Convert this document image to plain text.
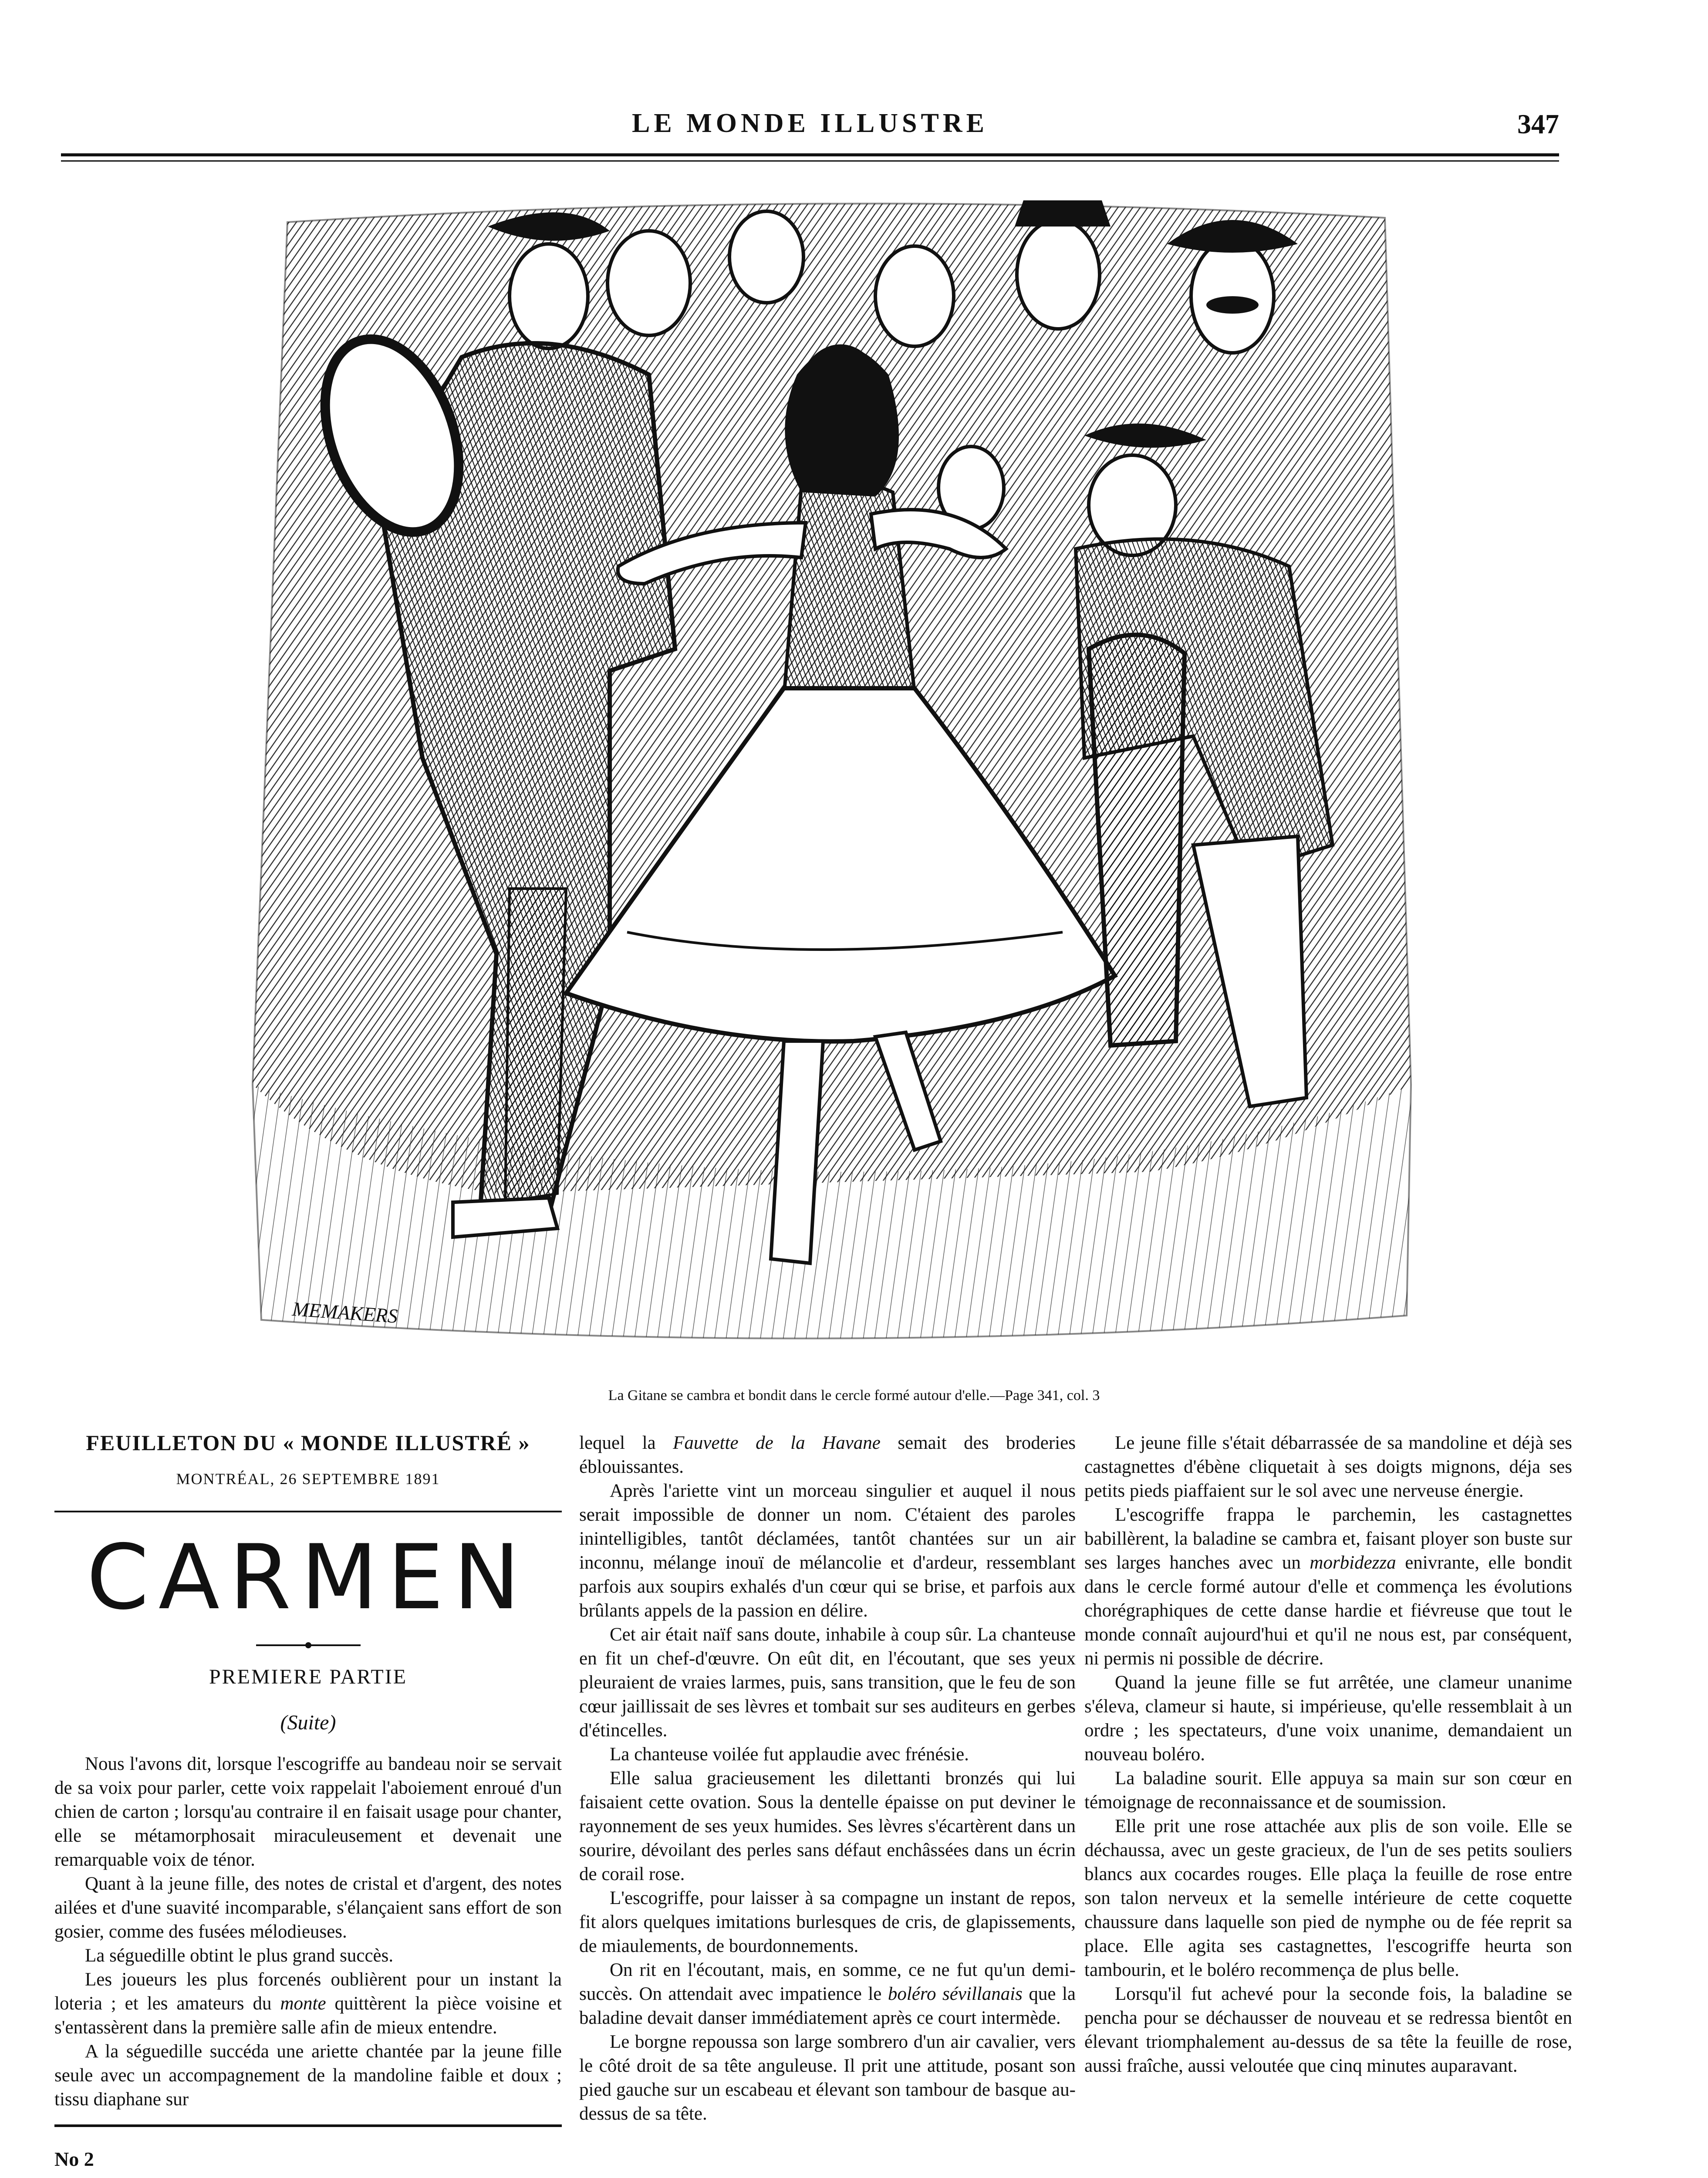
LE MONDE ILLUSTRE	347
MEMAKERS
La Gitane se cambra et bondit dans le cercle formé autour d'elle.—Page 341, col. 3

FEUILLETON DU « MONDE ILLUSTRÉ »

MONTRÉAL, 26 SEPTEMBRE 1891

CARMEN

PREMIERE PARTIE

(Suite)

Nous l'avons dit, lorsque l'escogriffe au bandeau noir se servait de sa voix pour parler, cette voix rappelait l'aboiement enroué d'un chien de carton ; lorsqu'au contraire il en faisait usage pour chanter, elle se métamorphosait miraculeusement et devenait une remarquable voix de ténor.

Quant à la jeune fille, des notes de cristal et d'argent, des notes ailées et d'une suavité incomparable, s'élançaient sans effort de son gosier, comme des fusées mélodieuses.

La séguedille obtint le plus grand succès.

Les joueurs les plus forcenés oublièrent pour un instant la loteria ; et les amateurs du monte quittèrent la pièce voisine et s'entassèrent dans la première salle afin de mieux entendre.

A la séguedille succéda une ariette chantée par la jeune fille seule avec un accompagnement de la mandoline faible et doux ; tissu diaphane sur

No 2

lequel la Fauvette de la Havane semait des broderies éblouissantes.

Après l'ariette vint un morceau singulier et auquel il nous serait impossible de donner un nom. C'étaient des paroles inintelligibles, tantôt déclamées, tantôt chantées sur un air inconnu, mélange inouï de mélancolie et d'ardeur, ressemblant parfois aux soupirs exhalés d'un cœur qui se brise, et parfois aux brûlants appels de la passion en délire.

Cet air était naïf sans doute, inhabile à coup sûr. La chanteuse en fit un chef-d'œuvre. On eût dit, en l'écoutant, que ses yeux pleuraient de vraies larmes, puis, sans transition, que le feu de son cœur jaillissait de ses lèvres et tombait sur ses auditeurs en gerbes d'étincelles.

La chanteuse voilée fut applaudie avec frénésie.

Elle salua gracieusement les dilettanti bronzés qui lui faisaient cette ovation. Sous la dentelle épaisse on put deviner le rayonnement de ses yeux humides. Ses lèvres s'écartèrent dans un sourire, dévoilant des perles sans défaut enchâssées dans un écrin de corail rose.

L'escogriffe, pour laisser à sa compagne un instant de repos, fit alors quelques imitations burlesques de cris, de glapissements, de miaulements, de bourdonnements.

On rit en l'écoutant, mais, en somme, ce ne fut qu'un demi-succès. On attendait avec impatience le boléro sévillanais que la baladine devait danser immédiatement après ce court intermède.

Le borgne repoussa son large sombrero d'un air cavalier, vers le côté droit de sa tête anguleuse. Il prit une attitude, posant son pied gauche sur un escabeau et élevant son tambour de basque au-dessus de sa tête.

Le jeune fille s'était débarrassée de sa mandoline et déjà ses castagnettes d'ébène cliquetait à ses doigts mignons, déja ses petits pieds piaffaient sur le sol avec une nerveuse énergie.

L'escogriffe frappa le parchemin, les castagnettes babillèrent, la baladine se cambra et, faisant ployer son buste sur ses larges hanches avec un morbidezza enivrante, elle bondit dans le cercle formé autour d'elle et commença les évolutions chorégraphiques de cette danse hardie et fiévreuse que tout le monde connaît aujourd'hui et qu'il ne nous est, par conséquent, ni permis ni possible de décrire.

Quand la jeune fille se fut arrêtée, une clameur unanime s'éleva, clameur si haute, si impérieuse, qu'elle ressemblait à un ordre ; les spectateurs, d'une voix unanime, demandaient un nouveau boléro.

La baladine sourit. Elle appuya sa main sur son cœur en témoignage de reconnaissance et de soumission.

Elle prit une rose attachée aux plis de son voile. Elle se déchaussa, avec un geste gracieux, de l'un de ses petits souliers blancs aux cocardes rouges. Elle plaça la feuille de rose entre son talon nerveux et la semelle intérieure de cette coquette chaussure dans laquelle son pied de nymphe ou de fée reprit sa place. Elle agita ses castagnettes, l'escogriffe heurta son tambourin, et le boléro recommença de plus belle.

Lorsqu'il fut achevé pour la seconde fois, la baladine se pencha pour se déchausser de nouveau et se redressa bientôt en élevant triomphalement au-dessus de sa tête la feuille de rose, aussi fraîche, aussi veloutée que cinq minutes auparavant.
